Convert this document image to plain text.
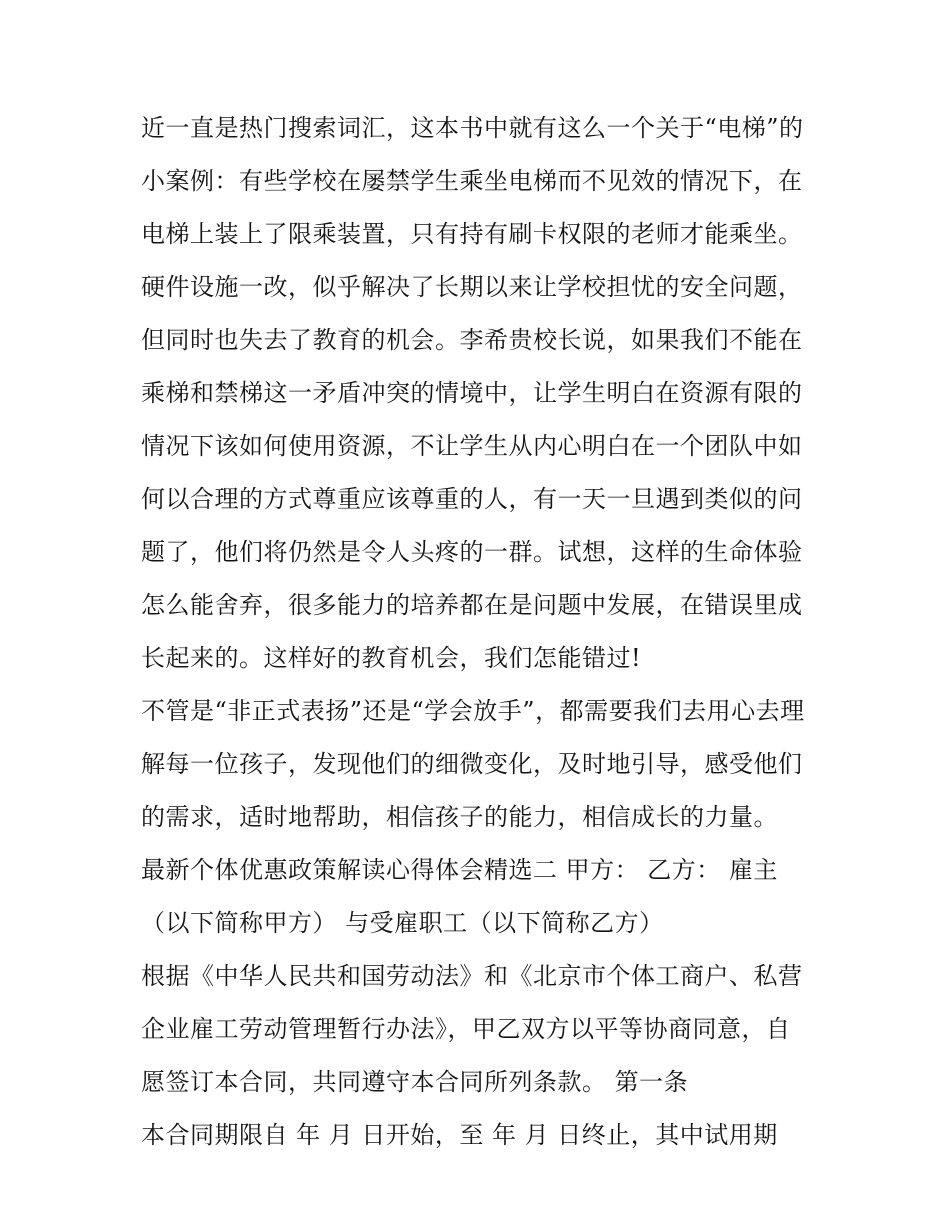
近一直是热门搜索词汇，这本书中就有这么一个关于“电梯”的
小案例：有些学校在屡禁学生乘坐电梯而不见效的情况下，在
电梯上装上了限乘装置，只有持有刷卡权限的老师才能乘坐。
硬件设施一改，似乎解决了长期以来让学校担忧的安全问题，
但同时也失去了教育的机会。李希贵校长说，如果我们不能在
乘梯和禁梯这一矛盾冲突的情境中，让学生明白在资源有限的
情况下该如何使用资源，不让学生从内心明白在一个团队中如
何以合理的方式尊重应该尊重的人，有一天一旦遇到类似的问
题了，他们将仍然是令人头疼的一群。试想，这样的生命体验
怎么能舍弃，很多能力的培养都在是问题中发展，在错误里成
长起来的。这样好的教育机会，我们怎能错过!
不管是“非正式表扬”还是“学会放手”，都需要我们去用心去理
解每一位孩子，发现他们的细微变化，及时地引导，感受他们
的需求，适时地帮助，相信孩子的能力，相信成长的力量。
最新个体优惠政策解读心得体会精选二 甲方： 乙方： 雇主
（以下简称甲方） 与受雇职工（以下简称乙方）
根据《中华人民共和国劳动法》和《北京市个体工商户、私营
企业雇工劳动管理暂行办法》，甲乙双方以平等协商同意，自
愿签订本合同，共同遵守本合同所列条款。 第一条
本合同期限自 年 月 日开始，至 年 月 日终止，其中试用期
